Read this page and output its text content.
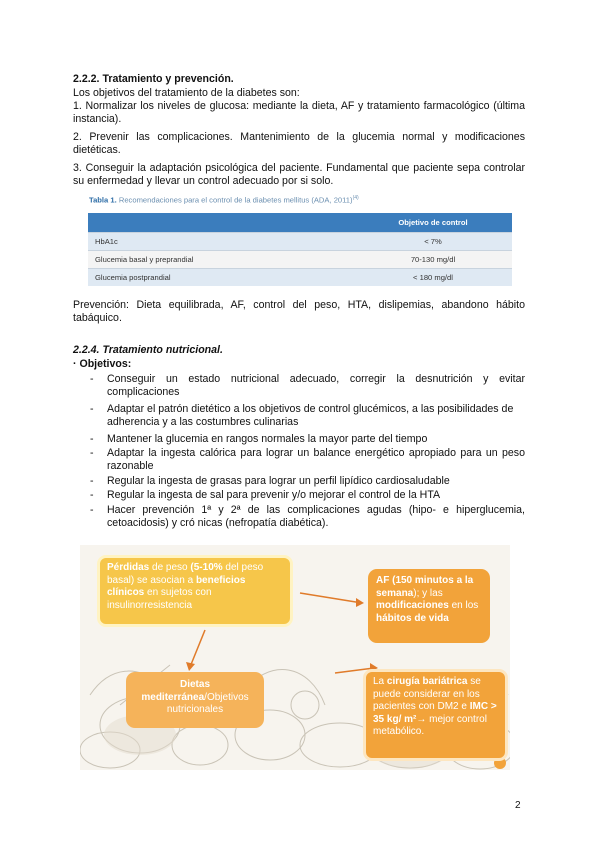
2.2.2. Tratamiento y prevención.
Los objetivos del tratamiento de la diabetes son:
1. Normalizar los niveles de glucosa: mediante la dieta, AF y tratamiento farmacológico (última instancia).
2. Prevenir las complicaciones. Mantenimiento de la glucemia normal y modificaciones dietéticas.
3. Conseguir la adaptación psicológica del paciente. Fundamental que paciente sepa controlar su enfermedad y llevar un control adecuado por si solo.
Tabla 1. Recomendaciones para el control de la diabetes mellitus (ADA, 2011)$^{(4)}$
	Objetivo de control
HbA1c	< 7%
Glucemia basal y preprandial	70-130 mg/dl
Glucemia postprandial	< 180 mg/dl
Prevención: Dieta equilibrada, AF, control del peso, HTA, dislipemias, abandono hábito tabáquico.
2.2.4. Tratamiento nutricional.
· Objetivos:
- Conseguir un estado nutricional adecuado, corregir la desnutrición y evitar complicaciones
- Adaptar el patrón dietético a los objetivos de control glucémicos, a las posibilidades de adherencia y a las costumbres culinarias
- Mantener la glucemia en rangos normales la mayor parte del tiempo
- Adaptar la ingesta calórica para lograr un balance energético apropiado para un peso razonable
- Regular la ingesta de grasas para lograr un perfil lipídico cardiosaludable
- Regular la ingesta de sal para prevenir y/o mejorar el control de la HTA
- Hacer prevención 1ª y 2ª de las complicaciones agudas (hipo- e hiperglucemia, cetoacidosis) y cró nicas (nefropatía diabética).
Pérdidas de peso (5-10% del peso basal) se asocian a beneficios clínicos en sujetos con insulinorresistencia
AF (150 minutos a la semana); y las modificaciones en los hábitos de vida
Dietas mediterránea/Objetivos nutricionales
La cirugía bariátrica se puede considerar en los pacientes con DM2 e IMC > 35 kg/ m²→ mejor control metabólico.
2
